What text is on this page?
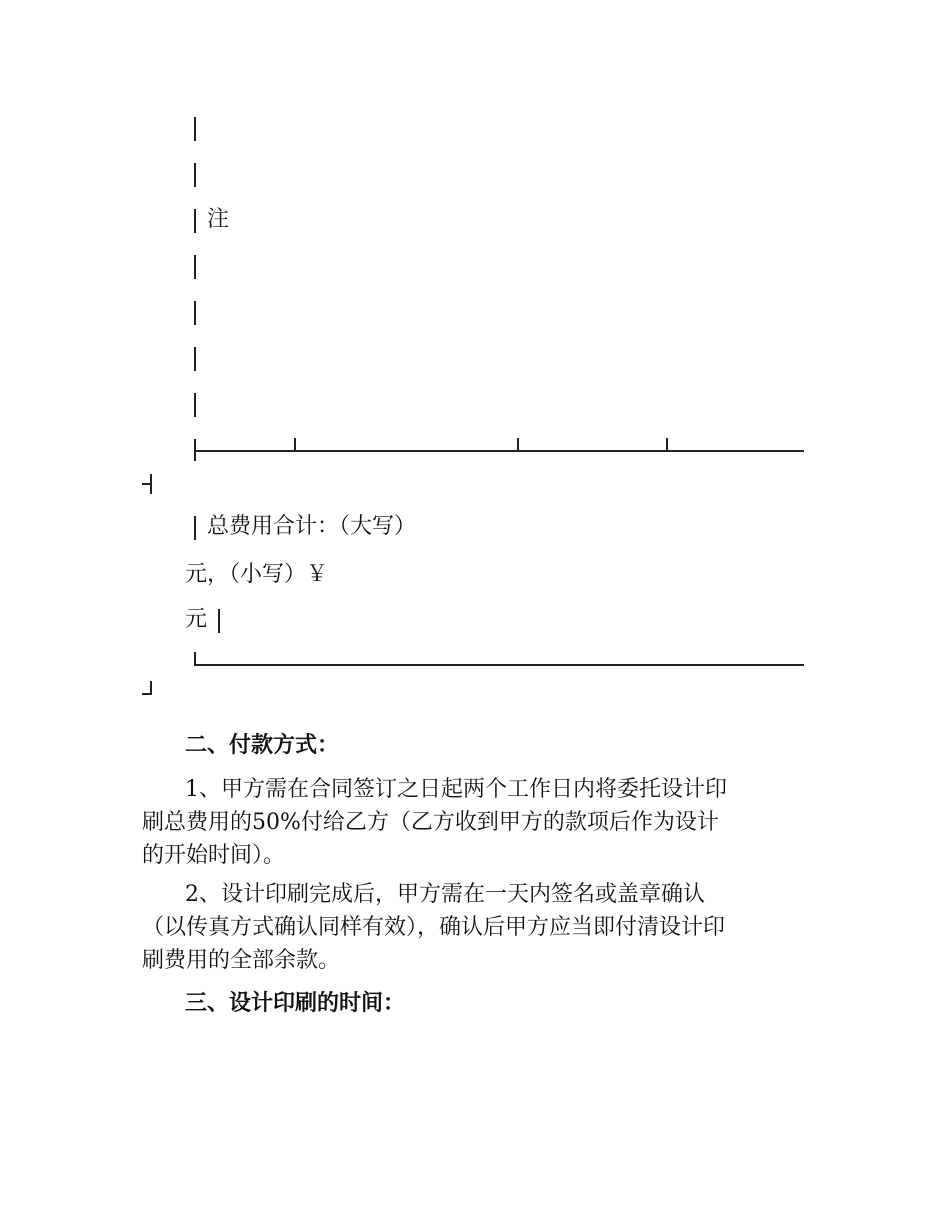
注
总费用合计：（大写）
元，（小写）￥
元
二、付款方式：
1、甲方需在合同签订之日起两个工作日内将委托设计印
刷总费用的50%付给乙方（乙方收到甲方的款项后作为设计
的开始时间）。
2、设计印刷完成后，甲方需在一天内签名或盖章确认
（以传真方式确认同样有效），确认后甲方应当即付清设计印
刷费用的全部余款。
三、设计印刷的时间：
